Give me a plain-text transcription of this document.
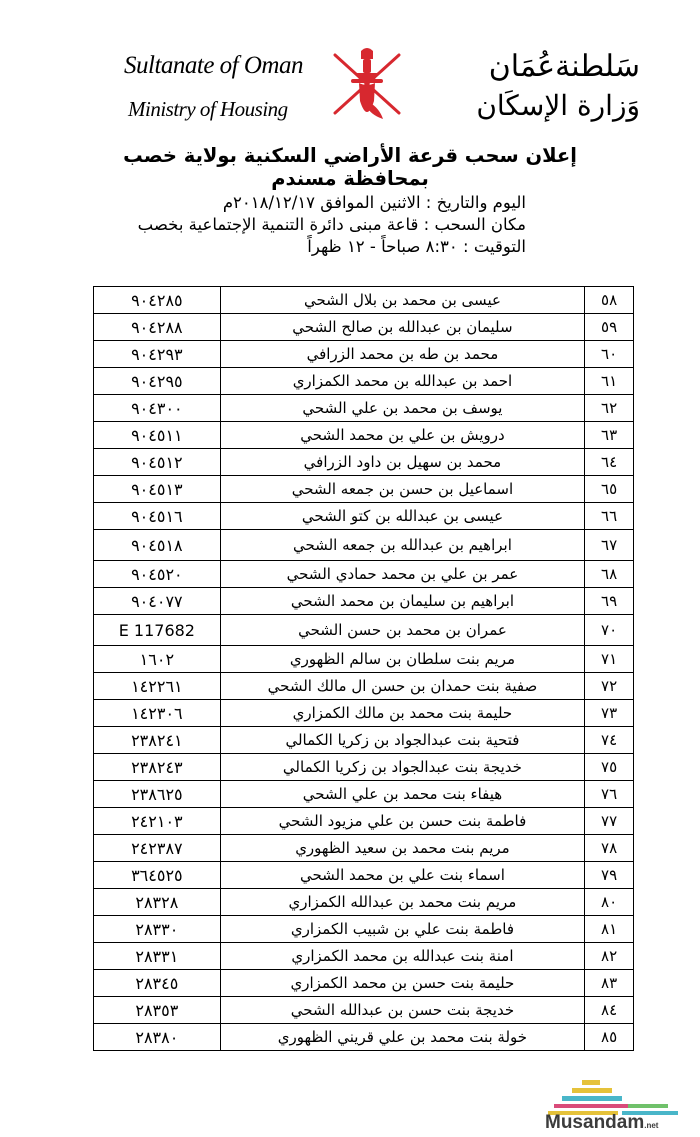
Sultanate of Oman
Ministry of Housing
سَلطنةعُمَان
وَزارة الإسكَان
إعلان سحب قرعة الأراضي السكنية بولاية خصب بمحافظة مسندم
اليوم والتاريخ : الاثنين الموافق ٢٠١٨/١٢/١٧م
مكان السحب : قاعة مبنى دائرة التنمية الإجتماعية بخصب
التوقيت : ٨:٣٠ صباحاً - ١٢ ظهراً
٥٨	عيسى بن محمد بن بلال الشحي	٩٠٤٢٨٥
٥٩	سليمان بن عبدالله بن صالح الشحي	٩٠٤٢٨٨
٦٠	محمد بن طه بن محمد الزرافي	٩٠٤٢٩٣
٦١	احمد بن عبدالله بن محمد الكمزاري	٩٠٤٢٩٥
٦٢	يوسف بن محمد بن علي الشحي	٩٠٤٣٠٠
٦٣	درويش بن علي بن محمد الشحي	٩٠٤٥١١
٦٤	محمد بن سهيل بن داود الزرافي	٩٠٤٥١٢
٦٥	اسماعيل بن حسن بن جمعه الشحي	٩٠٤٥١٣
٦٦	عيسى بن عبدالله بن كتو الشحي	٩٠٤٥١٦
٦٧	ابراهيم بن عبدالله بن جمعه الشحي	٩٠٤٥١٨
٦٨	عمر بن علي بن محمد حمادي الشحي	٩٠٤٥٢٠
٦٩	ابراهيم بن سليمان بن محمد الشحي	٩٠٤٠٧٧
٧٠	عمران بن محمد بن حسن الشحي	E 117682
٧١	مريم بنت سلطان بن سالم الظهوري	١٦٠٢
٧٢	صفية بنت حمدان بن حسن ال مالك الشحي	١٤٢٢٦١
٧٣	حليمة بنت محمد بن مالك الكمزاري	١٤٢٣٠٦
٧٤	فتحية بنت عبدالجواد بن زكريا الكمالي	٢٣٨٢٤١
٧٥	خديجة بنت عبدالجواد بن زكريا الكمالي	٢٣٨٢٤٣
٧٦	هيفاء بنت محمد بن علي الشحي	٢٣٨٦٢٥
٧٧	فاطمة بنت حسن بن علي مزيود الشحي	٢٤٢١٠٣
٧٨	مريم بنت محمد بن سعيد الظهوري	٢٤٢٣٨٧
٧٩	اسماء بنت علي بن محمد الشحي	٣٦٤٥٢٥
٨٠	مريم بنت محمد بن عبدالله الكمزاري	٢٨٣٢٨
٨١	فاطمة بنت علي بن شبيب الكمزاري	٢٨٣٣٠
٨٢	امنة بنت عبدالله بن محمد الكمزاري	٢٨٣٣١
٨٣	حليمة بنت حسن بن محمد الكمزاري	٢٨٣٤٥
٨٤	خديجة بنت حسن بن عبدالله الشحي	٢٨٣٥٣
٨٥	خولة بنت محمد بن علي قريني الظهوري	٢٨٣٨٠
Musandam.net
